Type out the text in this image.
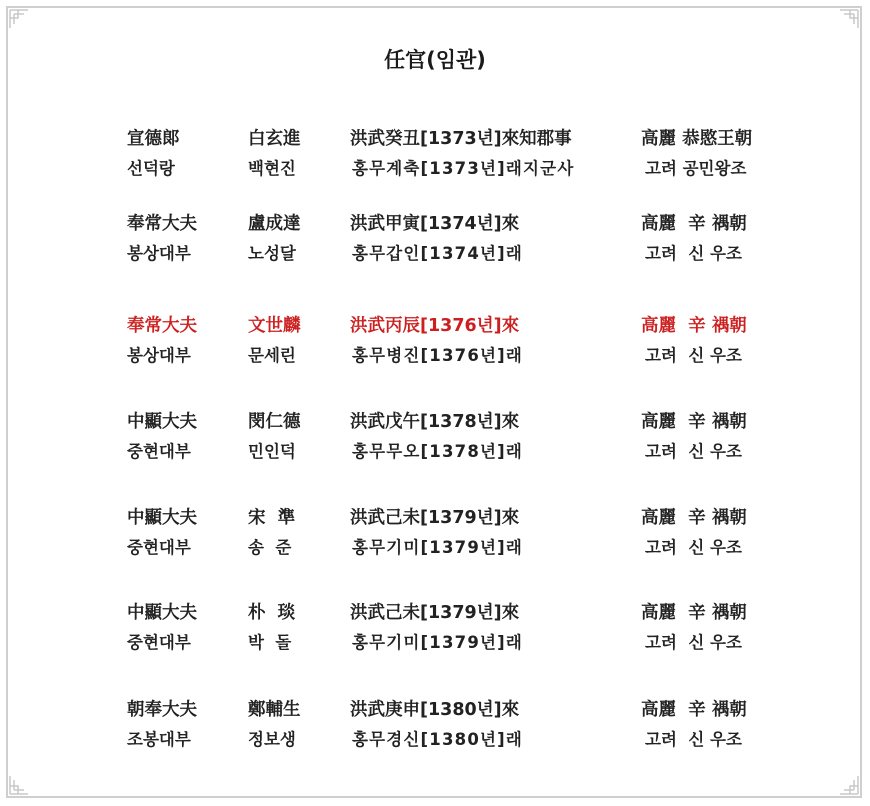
任官(임관)
宣德郞	白玄進	洪武癸丑[1373년]來知郡事	高麗 恭愍王朝
선덕랑	백현진	홍무계축[1373년]래지군사	고려 공민왕조
奉常大夫	盧成達	洪武甲寅[1374년]來	高麗  辛 禑朝
봉상대부	노성달	홍무갑인[1374년]래	고려  신 우조
奉常大夫	文世麟	洪武丙辰[1376년]來	高麗  辛 禑朝
봉상대부	문세린	홍무병진[1376년]래	고려  신 우조
中顯大夫	閔仁德	洪武戊午[1378년]來	高麗  辛 禑朝
중현대부	민인덕	홍무무오[1378년]래	고려  신 우조
中顯大夫	宋  準	洪武己未[1379년]來	高麗  辛 禑朝
중현대부	송  준	홍무기미[1379년]래	고려  신 우조
中顯大夫	朴  琰	洪武己未[1379년]來	高麗  辛 禑朝
중현대부	박  돌	홍무기미[1379년]래	고려  신 우조
朝奉大夫	鄭輔生	洪武庚申[1380년]來	高麗  辛 禑朝
조봉대부	정보생	홍무경신[1380년]래	고려  신 우조
